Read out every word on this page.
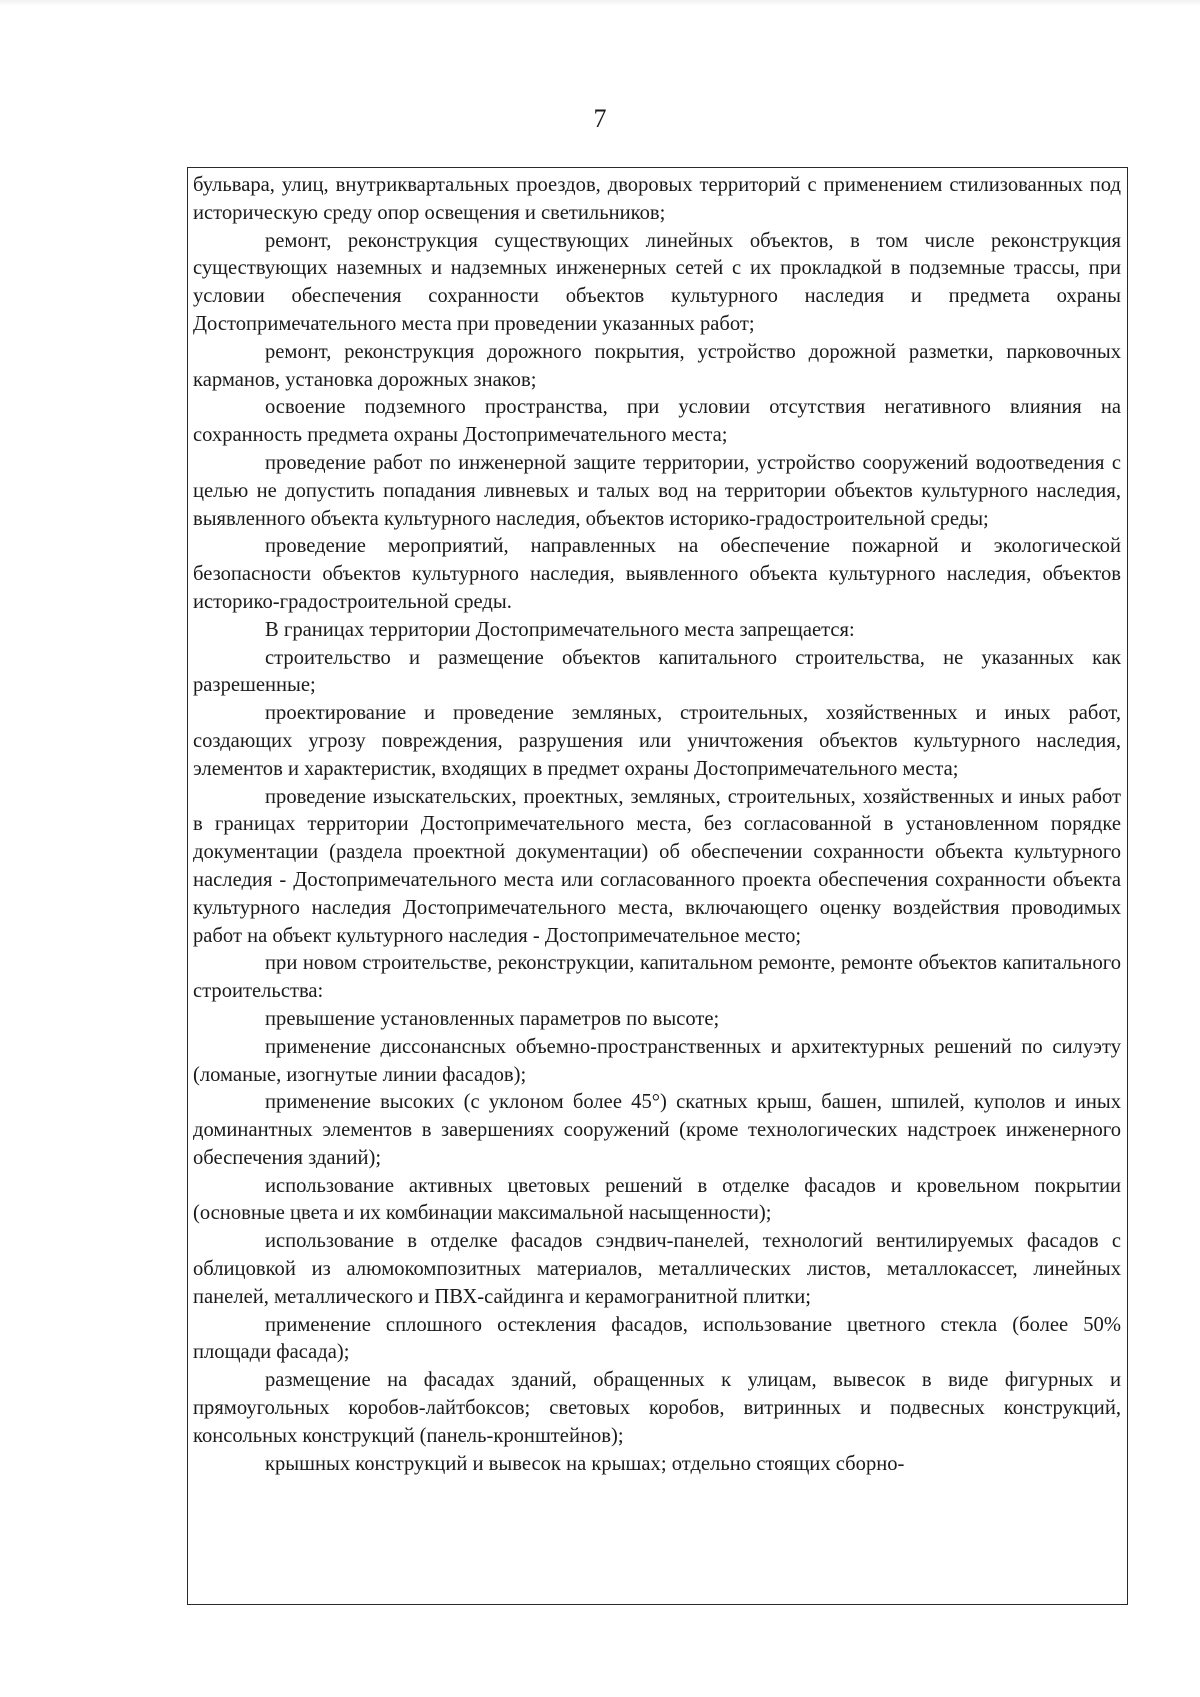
7

бульвара, улиц, внутриквартальных проездов, дворовых территорий с применением стилизованных под историческую среду опор освещения и светильников;

ремонт, реконструкция существующих линейных объектов, в том числе реконструкция существующих наземных и надземных инженерных сетей с их прокладкой в подземные трассы, при условии обеспечения сохранности объектов культурного наследия и предмета охраны Достопримечательного места при проведении указанных работ;

ремонт, реконструкция дорожного покрытия, устройство дорожной разметки, парковочных карманов, установка дорожных знаков;

освоение подземного пространства, при условии отсутствия негативного влияния на сохранность предмета охраны Достопримечательного места;

проведение работ по инженерной защите территории, устройство сооружений водоотведения с целью не допустить попадания ливневых и талых вод на территории объектов культурного наследия, выявленного объекта культурного наследия, объектов историко-градостроительной среды;

проведение мероприятий, направленных на обеспечение пожарной и экологической безопасности объектов культурного наследия, выявленного объекта культурного наследия, объектов историко-градостроительной среды.

В границах территории Достопримечательного места запрещается:

строительство и размещение объектов капитального строительства, не указанных как разрешенные;

проектирование и проведение земляных, строительных, хозяйственных и иных работ, создающих угрозу повреждения, разрушения или уничтожения объектов культурного наследия, элементов и характеристик, входящих в предмет охраны Достопримечательного места;

проведение изыскательских, проектных, земляных, строительных, хозяйственных и иных работ в границах территории Достопримечательного места, без согласованной в установленном порядке документации (раздела проектной документации) об обеспечении сохранности объекта культурного наследия - Достопримечательного места или согласованного проекта обеспечения сохранности объекта культурного наследия Достопримечательного места, включающего оценку воздействия проводимых работ на объект культурного наследия - Достопримечательное место;

при новом строительстве, реконструкции, капитальном ремонте, ремонте объектов капитального строительства:

превышение установленных параметров по высоте;

применение диссонансных объемно-пространственных и архитектурных решений по силуэту (ломаные, изогнутые линии фасадов);

применение высоких (с уклоном более 45°) скатных крыш, башен, шпилей, куполов и иных доминантных элементов в завершениях сооружений (кроме технологических надстроек инженерного обеспечения зданий);

использование активных цветовых решений в отделке фасадов и кровельном покрытии (основные цвета и их комбинации максимальной насыщенности);

использование в отделке фасадов сэндвич-панелей, технологий вентилируемых фасадов с облицовкой из алюмокомпозитных материалов, металлических листов, металлокассет, линейных панелей, металлического и ПВХ-сайдинга и керамогранитной плитки;

применение сплошного остекления фасадов, использование цветного стекла (более 50% площади фасада);

размещение на фасадах зданий, обращенных к улицам, вывесок в виде фигурных и прямоугольных коробов-лайтбоксов; световых коробов, витринных и подвесных конструкций, консольных конструкций (панель-кронштейнов);

крышных конструкций и вывесок на крышах; отдельно стоящих сборно-
